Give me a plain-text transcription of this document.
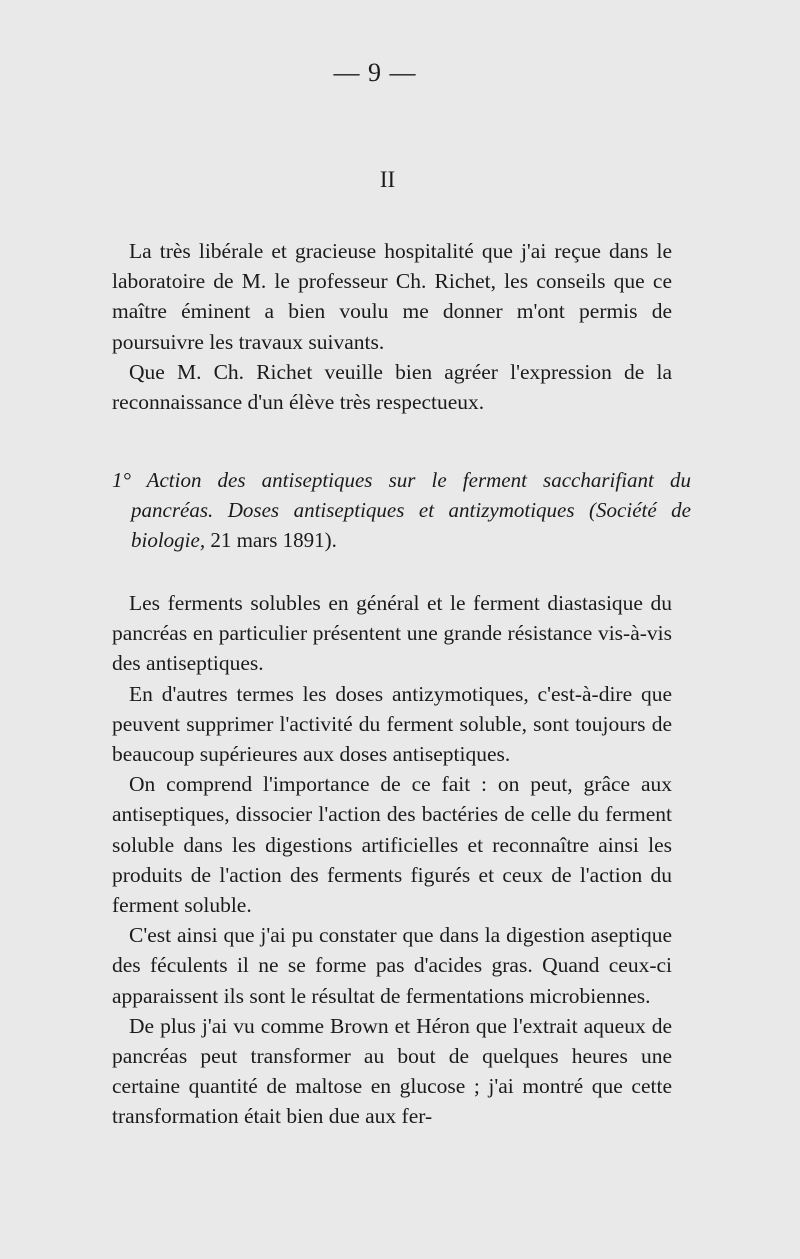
— 9 —
II

La très libérale et gracieuse hospitalité que j'ai reçue dans le laboratoire de M. le professeur Ch. Richet, les conseils que ce maître éminent a bien voulu me donner m'ont permis de poursuivre les travaux suivants.

Que M. Ch. Richet veuille bien agréer l'expression de la reconnaissance d'un élève très respectueux.

1° Action des antiseptiques sur le ferment saccharifiant du pancréas. Doses antiseptiques et antizymotiques (Société de biologie, 21 mars 1891).

Les ferments solubles en général et le ferment diastasique du pancréas en particulier présentent une grande résistance vis-à-vis des antiseptiques.

En d'autres termes les doses antizymotiques, c'est-à-dire que peuvent supprimer l'activité du ferment soluble, sont toujours de beaucoup supérieures aux doses antiseptiques.

On comprend l'importance de ce fait : on peut, grâce aux antiseptiques, dissocier l'action des bactéries de celle du ferment soluble dans les digestions artificielles et reconnaître ainsi les produits de l'action des ferments figurés et ceux de l'action du ferment soluble.

C'est ainsi que j'ai pu constater que dans la digestion aseptique des féculents il ne se forme pas d'acides gras. Quand ceux-ci apparaissent ils sont le résultat de fermentations microbiennes.

De plus j'ai vu comme Brown et Héron que l'extrait aqueux de pancréas peut transformer au bout de quelques heures une certaine quantité de maltose en glucose ; j'ai montré que cette transformation était bien due aux fer-
